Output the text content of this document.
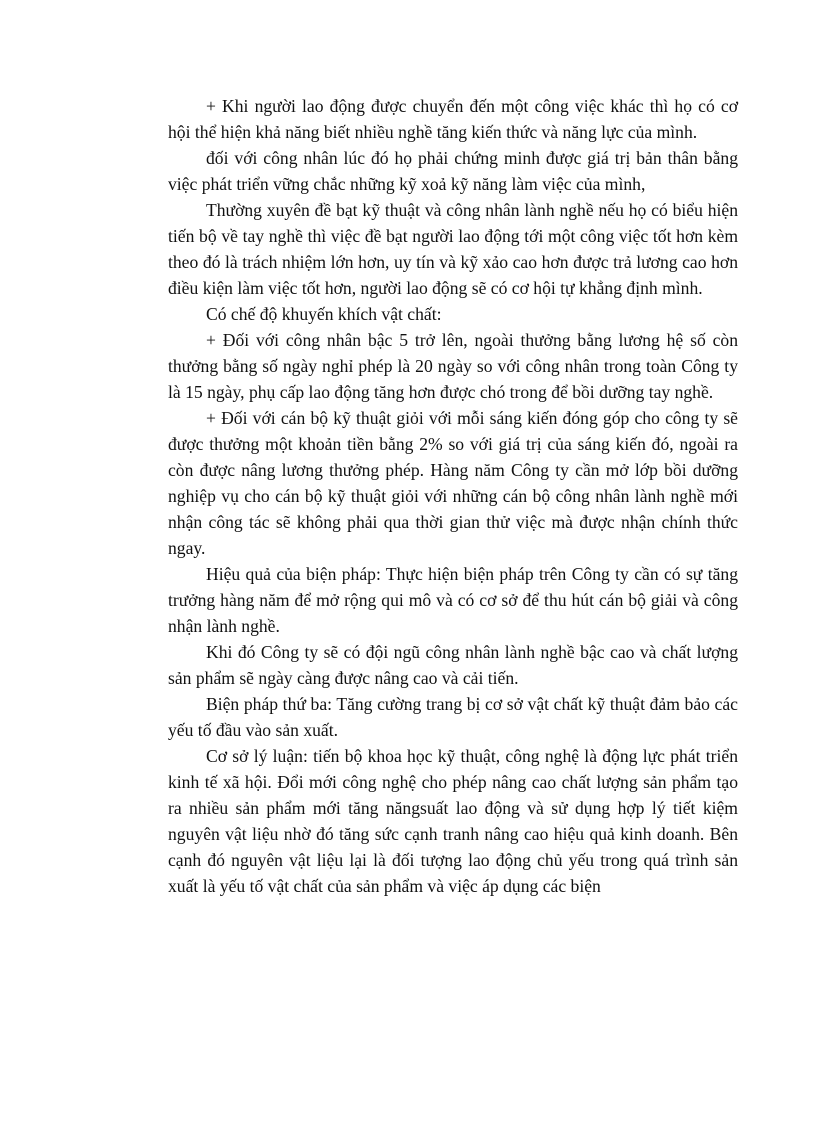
+ Khi người lao động được chuyển đến một công việc khác thì họ có cơ hội thể hiện khả năng biết nhiều nghề tăng kiến thức và năng lực của mình.

đối với công nhân lúc đó họ phải chứng minh được giá trị bản thân bằng việc phát triển vững chắc những kỹ xoả kỹ năng làm việc của mình,

Thường xuyên đề bạt kỹ thuật và công nhân lành nghề nếu họ có biểu hiện tiến bộ về tay nghề thì việc đề bạt người lao động tới một công việc tốt hơn kèm theo đó là trách nhiệm lớn hơn, uy tín và kỹ xảo cao hơn được trả lương cao hơn điều kiện làm việc tốt hơn, người lao động sẽ có cơ hội tự khẳng định mình.

Có chế độ khuyến khích vật chất:

+ Đối với công nhân bậc 5 trở lên, ngoài thưởng bằng lương hệ số còn thưởng bằng số ngày nghỉ phép là 20 ngày so với công nhân trong toàn Công ty là 15 ngày, phụ cấp lao động tăng hơn được chó trong để bồi dưỡng tay nghề.

+ Đối với cán bộ kỹ thuật giỏi với mỗi sáng kiến đóng góp cho công ty sẽ được thưởng một khoản tiền bằng 2% so với giá trị của sáng kiến đó, ngoài ra còn được nâng lương thưởng phép. Hàng năm Công ty cần mở lớp bồi dưỡng nghiệp vụ cho cán bộ kỹ thuật giỏi với những cán bộ công nhân lành nghề mới nhận công tác sẽ không phải qua thời gian thử việc mà được nhận chính thức ngay.

Hiệu quả của biện pháp: Thực hiện biện pháp trên Công ty cần có sự tăng trưởng hàng năm để mở rộng qui mô và có cơ sở để thu hút cán bộ giải và công nhận lành nghề.

Khi đó Công ty sẽ có đội ngũ công nhân lành nghề bậc cao và chất lượng sản phẩm sẽ ngày càng được nâng cao và cải tiến.

Biện pháp thứ ba: Tăng cường trang bị cơ sở vật chất kỹ thuật đảm bảo các yếu tố đầu vào sản xuất.

Cơ sở lý luận: tiến bộ khoa học kỹ thuật, công nghệ là động lực phát triển kinh tế xã hội. Đổi mới công nghệ cho phép nâng cao chất lượng sản phẩm tạo ra nhiều sản phẩm mới tăng năngsuất lao động và sử dụng hợp lý tiết kiệm nguyên vật liệu nhờ đó tăng sức cạnh tranh nâng cao hiệu quả kinh doanh. Bên cạnh đó nguyên vật liệu lại là đối tượng lao động chủ yếu trong quá trình sản xuất là yếu tố vật chất của sản phẩm và việc áp dụng các biện
